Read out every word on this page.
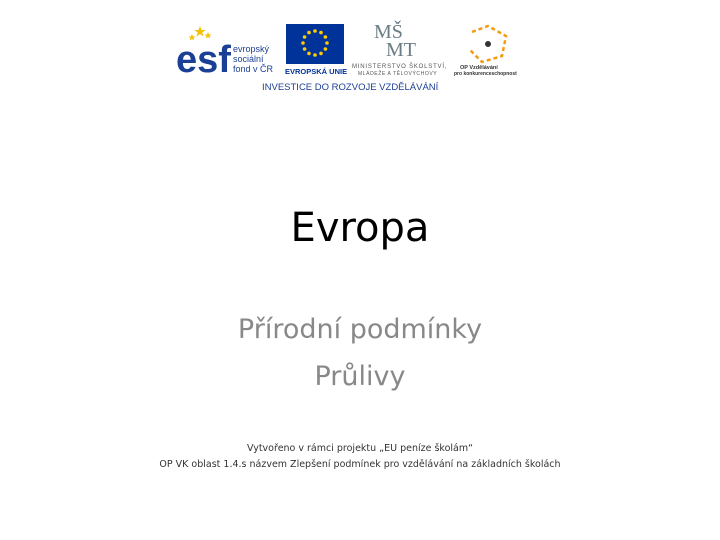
esf evropský
sociální
fond v ČR EVROPSKÁ UNIE
MŠ
MT
MINISTERSTVO ŠKOLSTVÍ,
MLÁDEŽE A TĚLOVÝCHOVY
OP Vzdělávání
pro konkurenceschopnost
INVESTICE DO ROZVOJE VZDĚLÁVÁNÍ
Evropa
Přírodní podmínky
Průlivy
Vytvořeno v rámci projektu „EU peníze školám“
OP VK oblast 1.4.s názvem Zlepšení podmínek pro vzdělávání na základních školách
